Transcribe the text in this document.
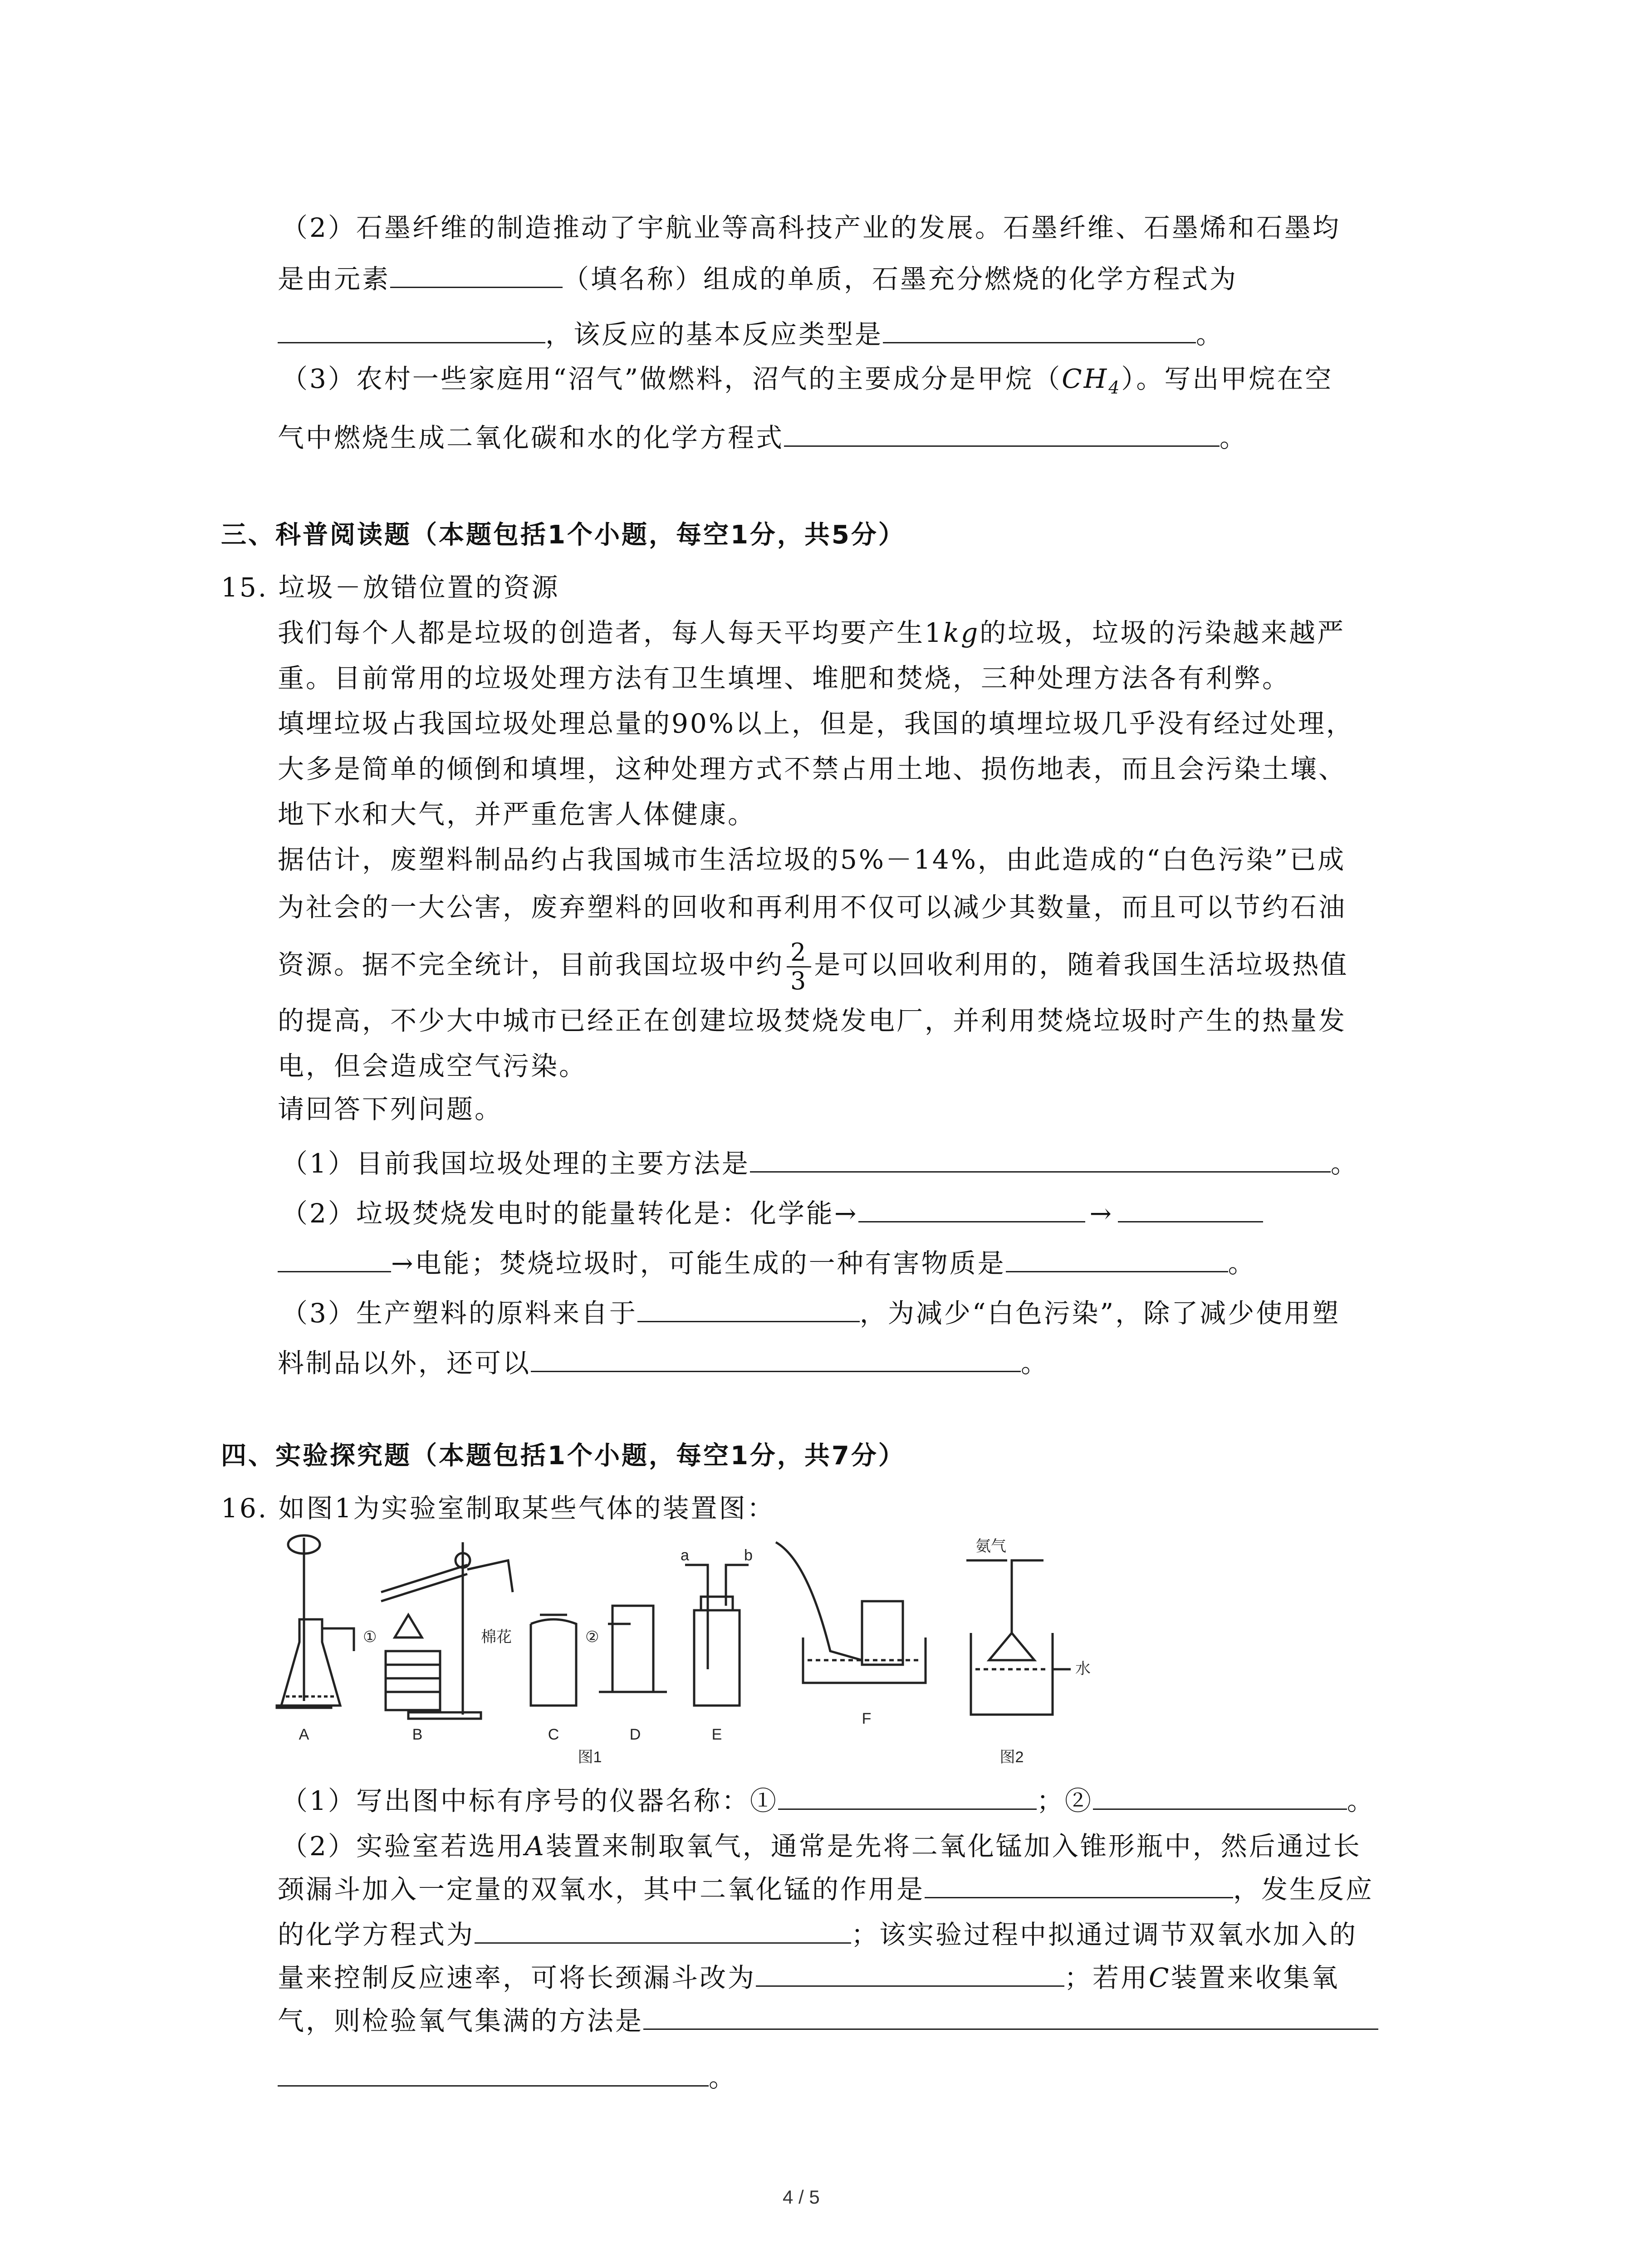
（2）石墨纤维的制造推动了宇航业等高科技产业的发展。石墨纤维、石墨烯和石墨均
是由元素	（填名称）组成的单质，石墨充分燃烧的化学方程式为
，该反应的基本反应类型是	。
（3）农村一些家庭用“沼气”做燃料，沼气的主要成分是甲烷$(CH_4)$。写出甲烷在空
气中燃烧生成二氧化碳和水的化学方程式	。
三、科普阅读题（本题包括1个小题，每空1分，共5分）
15. 垃圾－放错位置的资源
我们每个人都是垃圾的创造者，每人每天平均要产生1kg的垃圾，垃圾的污染越来越严
重。目前常用的垃圾处理方法有卫生填埋、堆肥和焚烧，三种处理方法各有利弊。
填埋垃圾占我国垃圾处理总量的90%以上，但是，我国的填埋垃圾几乎没有经过处理，
大多是简单的倾倒和填埋，这种处理方式不禁占用土地、损伤地表，而且会污染土壤、
地下水和大气，并严重危害人体健康。
据估计，废塑料制品约占我国城市生活垃圾的5%－14%，由此造成的“白色污染”已成
为社会的一大公害，废弃塑料的回收和再利用不仅可以减少其数量，而且可以节约石油
资源。据不完全统计，目前我国垃圾中约 $\frac{2}{3}$ 是可以回收利用的，随着我国生活垃圾热值
的提高，不少大中城市已经正在创建垃圾焚烧发电厂，并利用焚烧垃圾时产生的热量发
电，但会造成空气污染。
请回答下列问题。
（1）目前我国垃圾处理的主要方法是	。
（2）垃圾焚烧发电时的能量转化是：化学能→	→
→电能；焚烧垃圾时，可能生成的一种有害物质是	。
（3）生产塑料的原料来自于	，为减少“白色污染”，除了减少使用塑
料制品以外，还可以	。
四、实验探究题（本题包括1个小题，每空1分，共7分）
16. 如图1为实验室制取某些气体的装置图：
A	B	C	D	E
F
①	②
棉花
a	b
氨气
水
图1	图2
（1）写出图中标有序号的仪器名称：①	；②	。
（2）实验室若选用A装置来制取氧气，通常是先将二氧化锰加入锥形瓶中，然后通过长
颈漏斗加入一定量的双氧水，其中二氧化锰的作用是	，发生反应
的化学方程式为	；该实验过程中拟通过调节双氧水加入的
量来控制反应速率，可将长颈漏斗改为	；若用C装置来收集氧
气，则检验氧气集满的方法是
。
4 / 5
